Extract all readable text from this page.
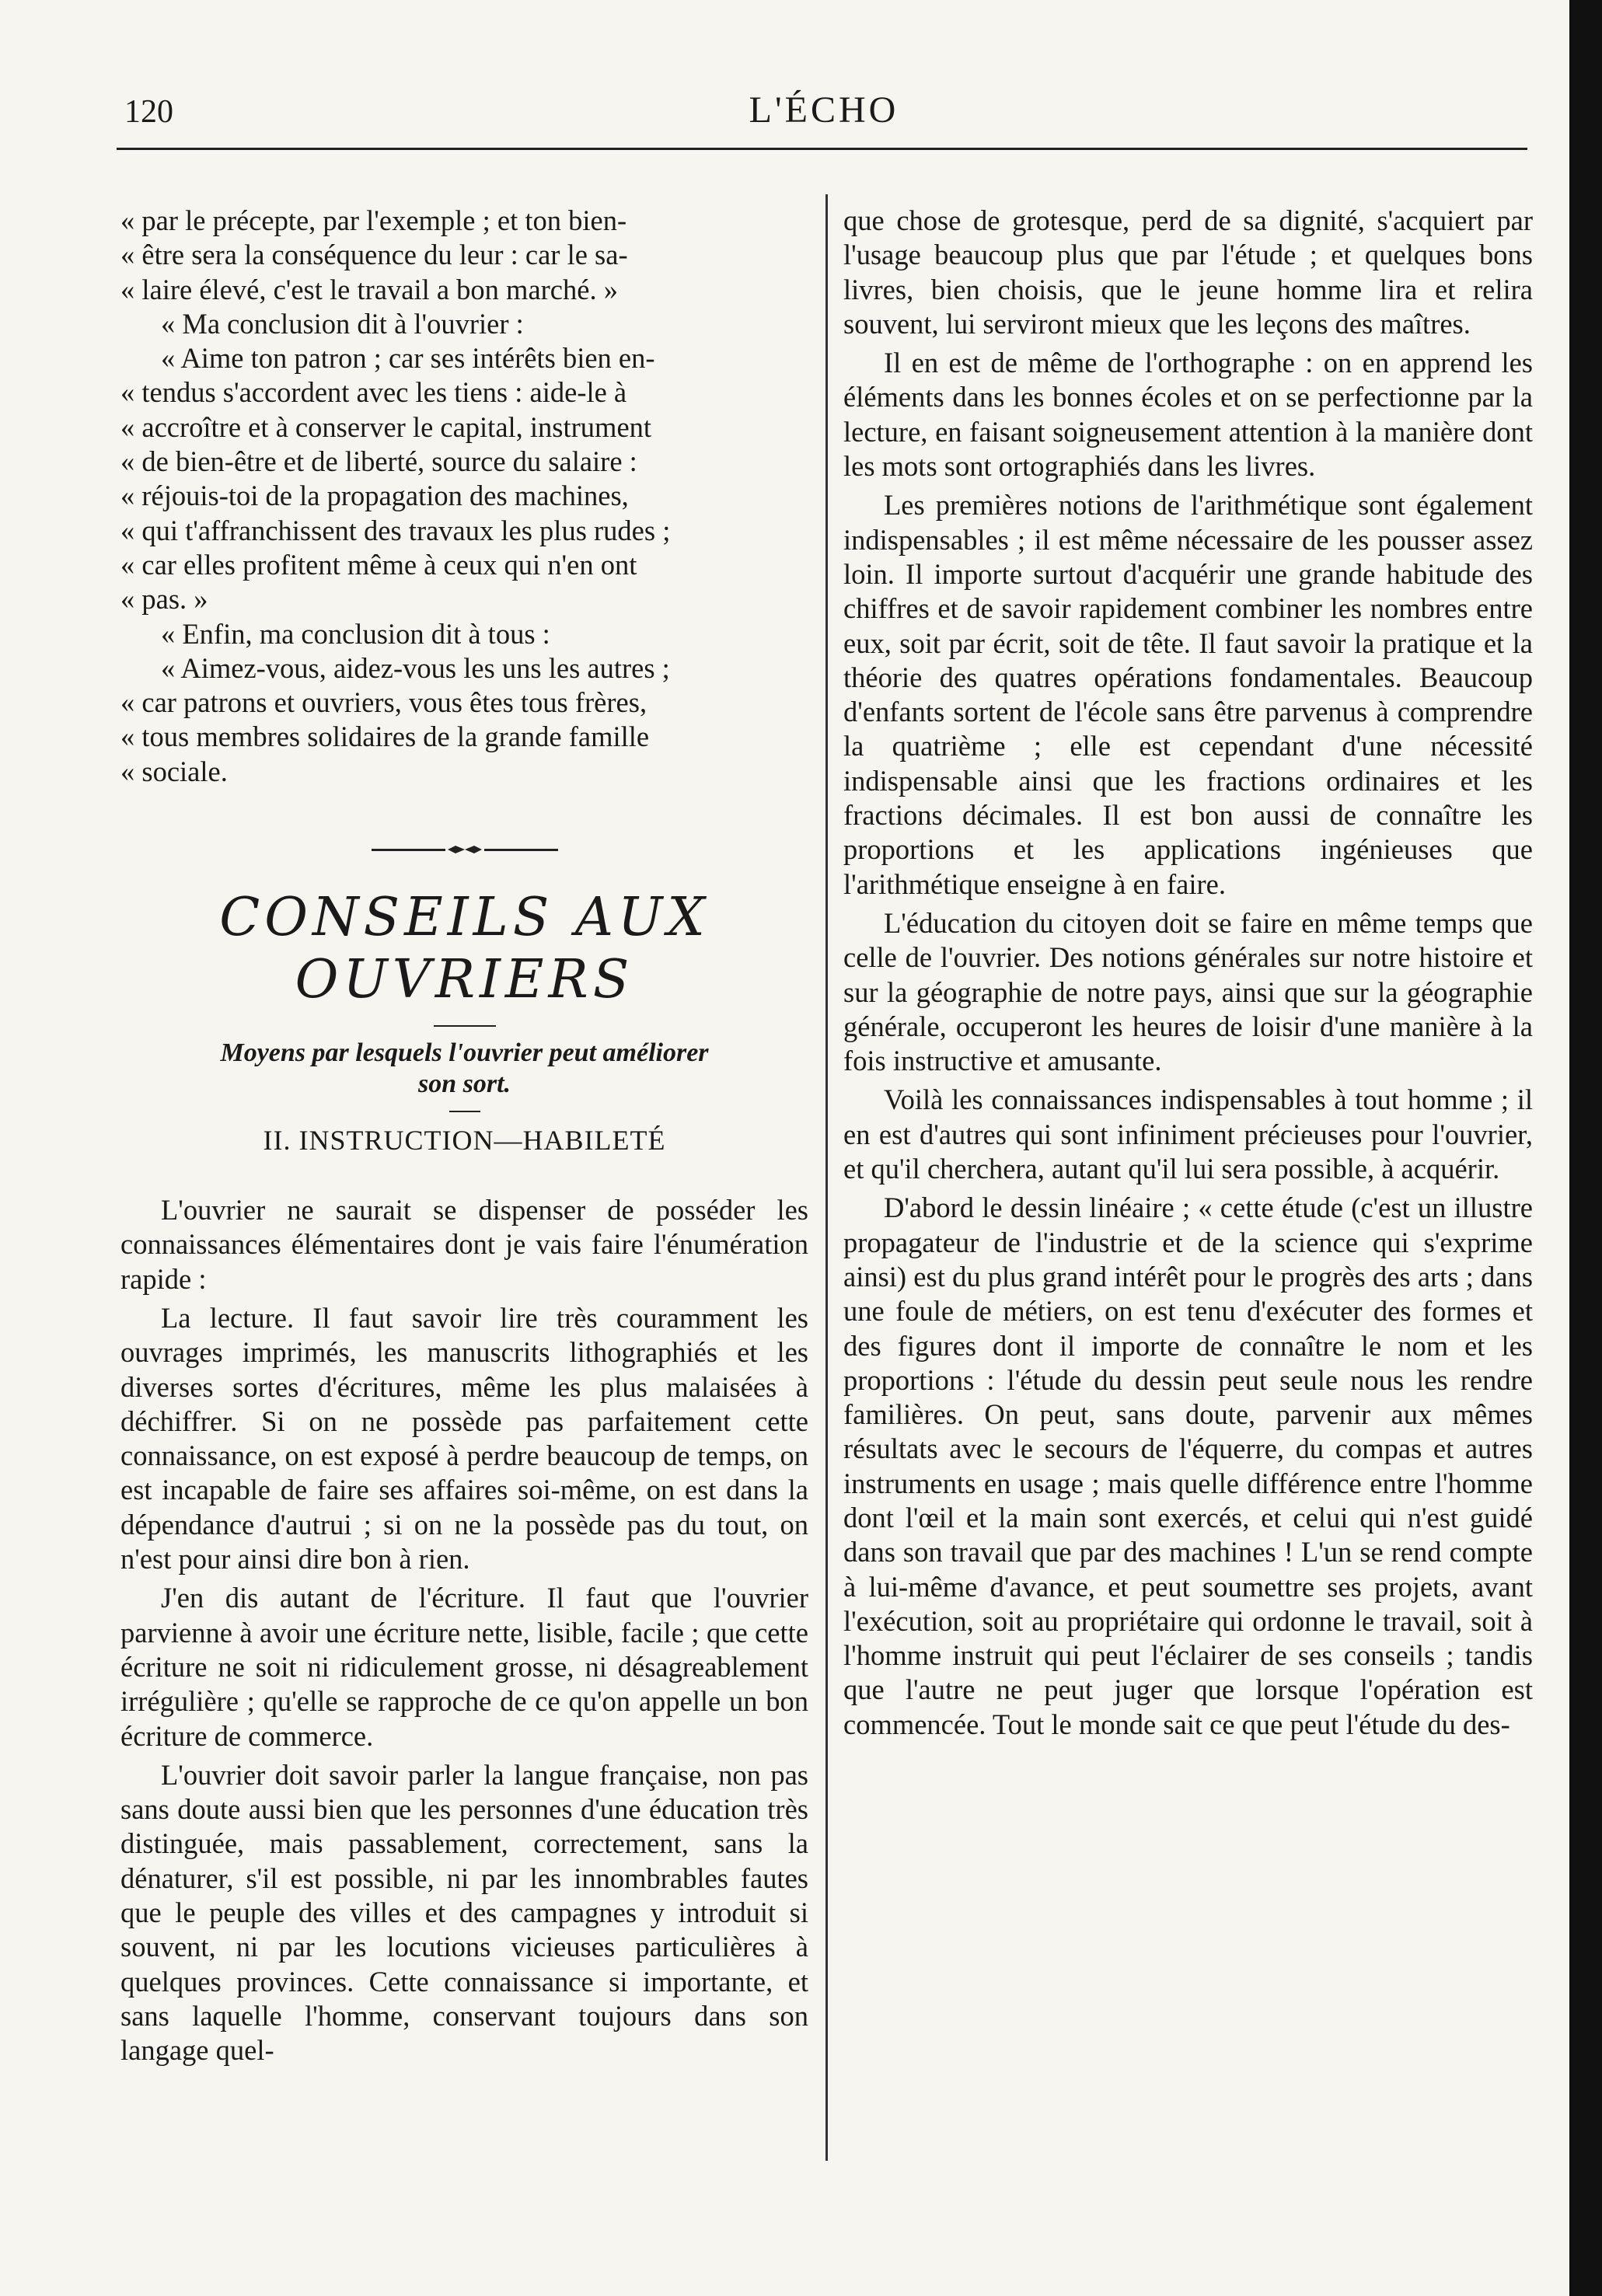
120	L'ÉCHO

« par le précepte, par l'exemple ; et ton bien-

« être sera la conséquence du leur : car le sa-

« laire élevé, c'est le travail a bon marché. »

« Ma conclusion dit à l'ouvrier :

« Aime ton patron ; car ses intérêts bien en-

« tendus s'accordent avec les tiens : aide-le à

« accroître et à conserver le capital, instrument

« de bien-être et de liberté, source du salaire :

« réjouis-toi de la propagation des machines,

« qui t'affranchissent des travaux les plus rudes ;

« car elles profitent même à ceux qui n'en ont

« pas. »

« Enfin, ma conclusion dit à tous :

« Aimez-vous, aidez-vous les uns les autres ;

« car patrons et ouvriers, vous êtes tous frères,

« tous membres solidaires de la grande famille

« sociale.

CONSEILS AUX OUVRIERS

Moyens par lesquels l'ouvrier peut améliorer

son sort.

II. INSTRUCTION—HABILETÉ

L'ouvrier ne saurait se dispenser de posséder les connaissances élémentaires dont je vais faire l'énumération rapide :

La lecture. Il faut savoir lire très couramment les ouvrages imprimés, les manuscrits lithographiés et les diverses sortes d'écritures, même les plus malaisées à déchiffrer. Si on ne possède pas parfaitement cette connaissance, on est exposé à perdre beaucoup de temps, on est incapable de faire ses affaires soi-même, on est dans la dépendance d'autrui ; si on ne la possède pas du tout, on n'est pour ainsi dire bon à rien.

J'en dis autant de l'écriture. Il faut que l'ouvrier parvienne à avoir une écriture nette, lisible, facile ; que cette écriture ne soit ni ridiculement grosse, ni désagreablement irrégulière ; qu'elle se rapproche de ce qu'on appelle un bon écriture de commerce.

L'ouvrier doit savoir parler la langue française, non pas sans doute aussi bien que les personnes d'une éducation très distinguée, mais passablement, correctement, sans la dénaturer, s'il est possible, ni par les innombrables fautes que le peuple des villes et des campagnes y introduit si souvent, ni par les locutions vicieuses particulières à quelques provinces. Cette connaissance si importante, et sans laquelle l'homme, conservant toujours dans son langage quel-

que chose de grotesque, perd de sa dignité, s'acquiert par l'usage beaucoup plus que par l'étude ; et quelques bons livres, bien choisis, que le jeune homme lira et relira souvent, lui serviront mieux que les leçons des maîtres.

Il en est de même de l'orthographe : on en apprend les éléments dans les bonnes écoles et on se perfectionne par la lecture, en faisant soigneusement attention à la manière dont les mots sont ortographiés dans les livres.

Les premières notions de l'arithmétique sont également indispensables ; il est même nécessaire de les pousser assez loin. Il importe surtout d'acquérir une grande habitude des chiffres et de savoir rapidement combiner les nombres entre eux, soit par écrit, soit de tête. Il faut savoir la pratique et la théorie des quatres opérations fondamentales. Beaucoup d'enfants sortent de l'école sans être parvenus à comprendre la quatrième ; elle est cependant d'une nécessité indispensable ainsi que les fractions ordinaires et les fractions décimales. Il est bon aussi de connaître les proportions et les applications ingénieuses que l'arithmétique enseigne à en faire.

L'éducation du citoyen doit se faire en même temps que celle de l'ouvrier. Des notions générales sur notre histoire et sur la géographie de notre pays, ainsi que sur la géographie générale, occuperont les heures de loisir d'une manière à la fois instructive et amusante.

Voilà les connaissances indispensables à tout homme ; il en est d'autres qui sont infiniment précieuses pour l'ouvrier, et qu'il cherchera, autant qu'il lui sera possible, à acquérir.

D'abord le dessin linéaire ; « cette étude (c'est un illustre propagateur de l'industrie et de la science qui s'exprime ainsi) est du plus grand intérêt pour le progrès des arts ; dans une foule de métiers, on est tenu d'exécuter des formes et des figures dont il importe de connaître le nom et les proportions : l'étude du dessin peut seule nous les rendre familières. On peut, sans doute, parvenir aux mêmes résultats avec le secours de l'équerre, du compas et autres instruments en usage ; mais quelle différence entre l'homme dont l'œil et la main sont exercés, et celui qui n'est guidé dans son travail que par des machines ! L'un se rend compte à lui-même d'avance, et peut soumettre ses projets, avant l'exécution, soit au propriétaire qui ordonne le travail, soit à l'homme instruit qui peut l'éclairer de ses conseils ; tandis que l'autre ne peut juger que lorsque l'opération est commencée. Tout le monde sait ce que peut l'étude du des-
